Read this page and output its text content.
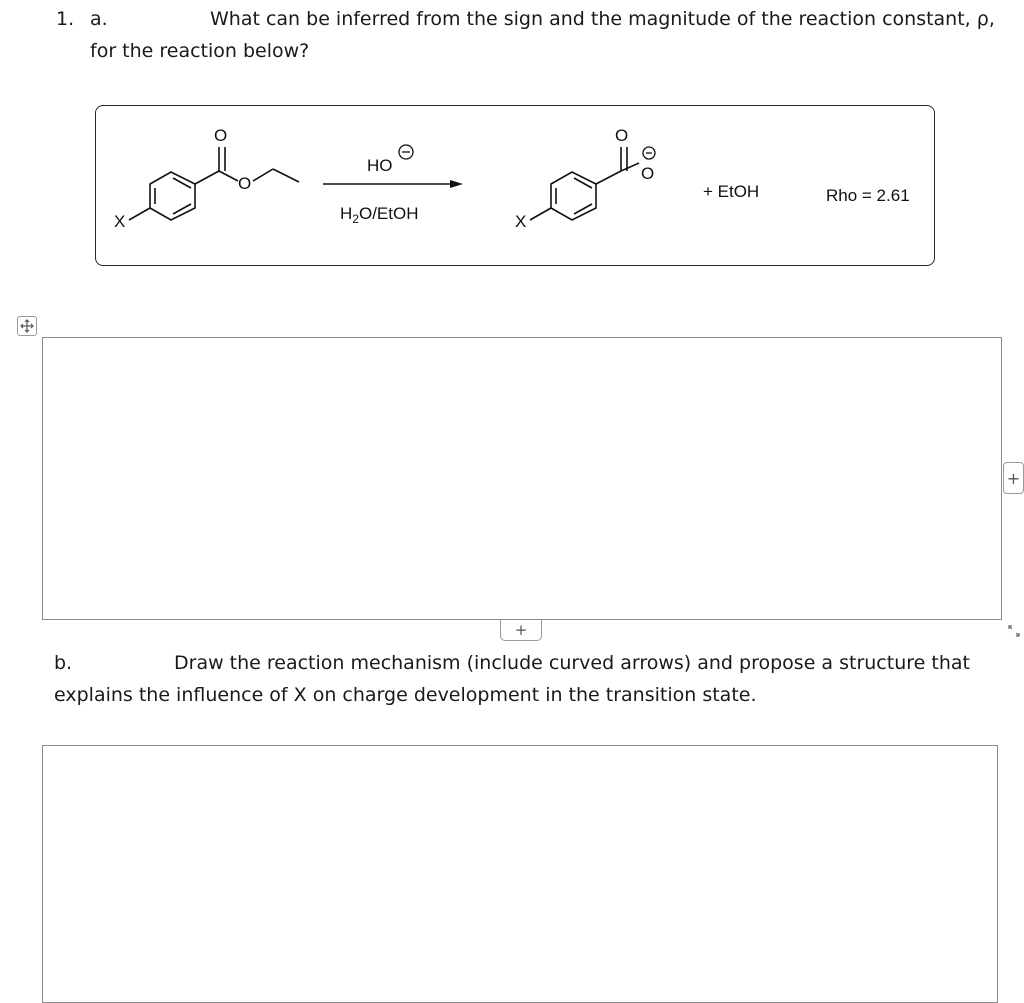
1. a.	What can be inferred from the sign and the magnitude of the reaction constant, ρ,
for the reaction below?
O
O
X
HO
$H_2O$/EtOH
O
O
X
+ EtOH	Rho = 2.61
+
+
b.	Draw the reaction mechanism (include curved arrows) and propose a structure that
explains the influence of X on charge development in the transition state.
